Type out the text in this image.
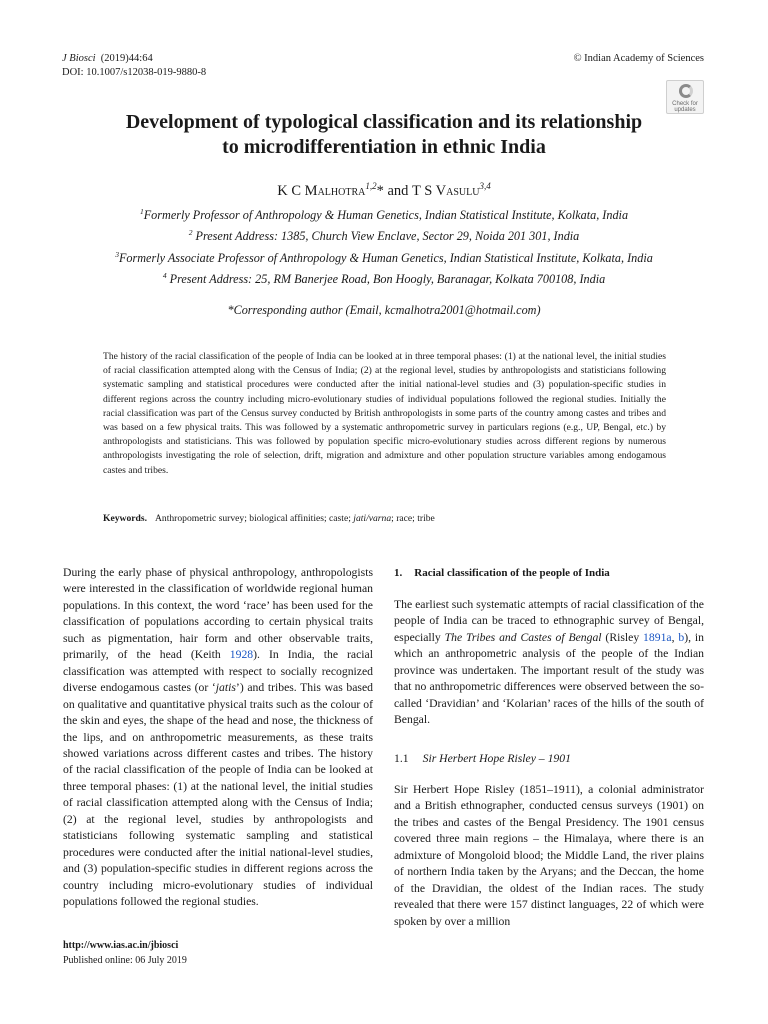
J Biosci (2019)44:64
DOI: 10.1007/s12038-019-9880-8
© Indian Academy of Sciences
Check for
updates
Development of typological classification and its relationship
to microdifferentiation in ethnic India
K C Malhotra$^{1,2}$* and T S Vasulu$^{3,4}$
$^1$Formerly Professor of Anthropology & Human Genetics, Indian Statistical Institute, Kolkata, India
$^2$ Present Address: 1385, Church View Enclave, Sector 29, Noida 201 301, India
$^3$Formerly Associate Professor of Anthropology & Human Genetics, Indian Statistical Institute, Kolkata, India
$^4$ Present Address: 25, RM Banerjee Road, Bon Hoogly, Baranagar, Kolkata 700108, India
*Corresponding author (Email, kcmalhotra2001@hotmail.com)
The history of the racial classification of the people of India can be looked at in three temporal phases: (1) at the national level, the initial studies of racial classification attempted along with the Census of India; (2) at the regional level, studies by anthropologists and statisticians following systematic sampling and statistical procedures were conducted after the initial national-level studies and (3) population-specific studies in different regions across the country including micro-evolutionary studies of individual populations followed the regional studies. Initially the racial classification was part of the Census survey conducted by British anthropologists in some parts of the country among castes and tribes and was based on a few physical traits. This was followed by a systematic anthropometric survey in particulars regions (e.g., UP, Bengal, etc.) by anthropologists and statisticians. This was followed by population specific micro-evolutionary studies across different regions by numerous anthropologists investigating the role of selection, drift, migration and admixture and other population structure variables among endogamous castes and tribes.
Keywords. Anthropometric survey; biological affinities; caste; jati/varna; race; tribe
During the early phase of physical anthropology, anthropologists were interested in the classification of worldwide regional human populations. In this context, the word ‘race’ has been used for the classification of populations according to certain physical traits such as pigmentation, hair form and other observable traits, primarily, of the head (Keith 1928). In India, the racial classification was attempted with respect to socially recognized diverse endogamous castes (or ‘jatis’) and tribes. This was based on qualitative and quantitative physical traits such as the colour of the skin and eyes, the shape of the head and nose, the thickness of the lips, and on anthropometric measurements, as these traits showed variations across different castes and tribes. The history of the racial classification of the people of India can be looked at three temporal phases: (1) at the national level, the initial studies of racial classification attempted along with the Census of India; (2) at the regional level, studies by anthropologists and statisticians following systematic sampling and statistical procedures were conducted after the initial national-level studies, and (3) population-specific studies in different regions across the country including micro-evolutionary studies of individual populations followed the regional studies.
1. Racial classification of the people of India
The earliest such systematic attempts of racial classification of the people of India can be traced to ethnographic survey of Bengal, especially The Tribes and Castes of Bengal (Risley 1891a, b), in which an anthropometric analysis of the people of the Indian province was undertaken. The important result of the study was that no anthropometric differences were observed between the so-called ‘Dravidian’ and ‘Kolarian’ races of the hills of the south of Bengal.
1.1 Sir Herbert Hope Risley – 1901
Sir Herbert Hope Risley (1851–1911), a colonial administrator and a British ethnographer, conducted census surveys (1901) on the tribes and castes of the Bengal Presidency. The 1901 census covered three main regions – the Himalaya, where there is an admixture of Mongoloid blood; the Middle Land, the river plains of northern India taken by the Aryans; and the Deccan, the home of the Dravidian, the oldest of the Indian races. The study revealed that there were 157 distinct languages, 22 of which were spoken by over a million
http://www.ias.ac.in/jbiosci
Published online: 06 July 2019
